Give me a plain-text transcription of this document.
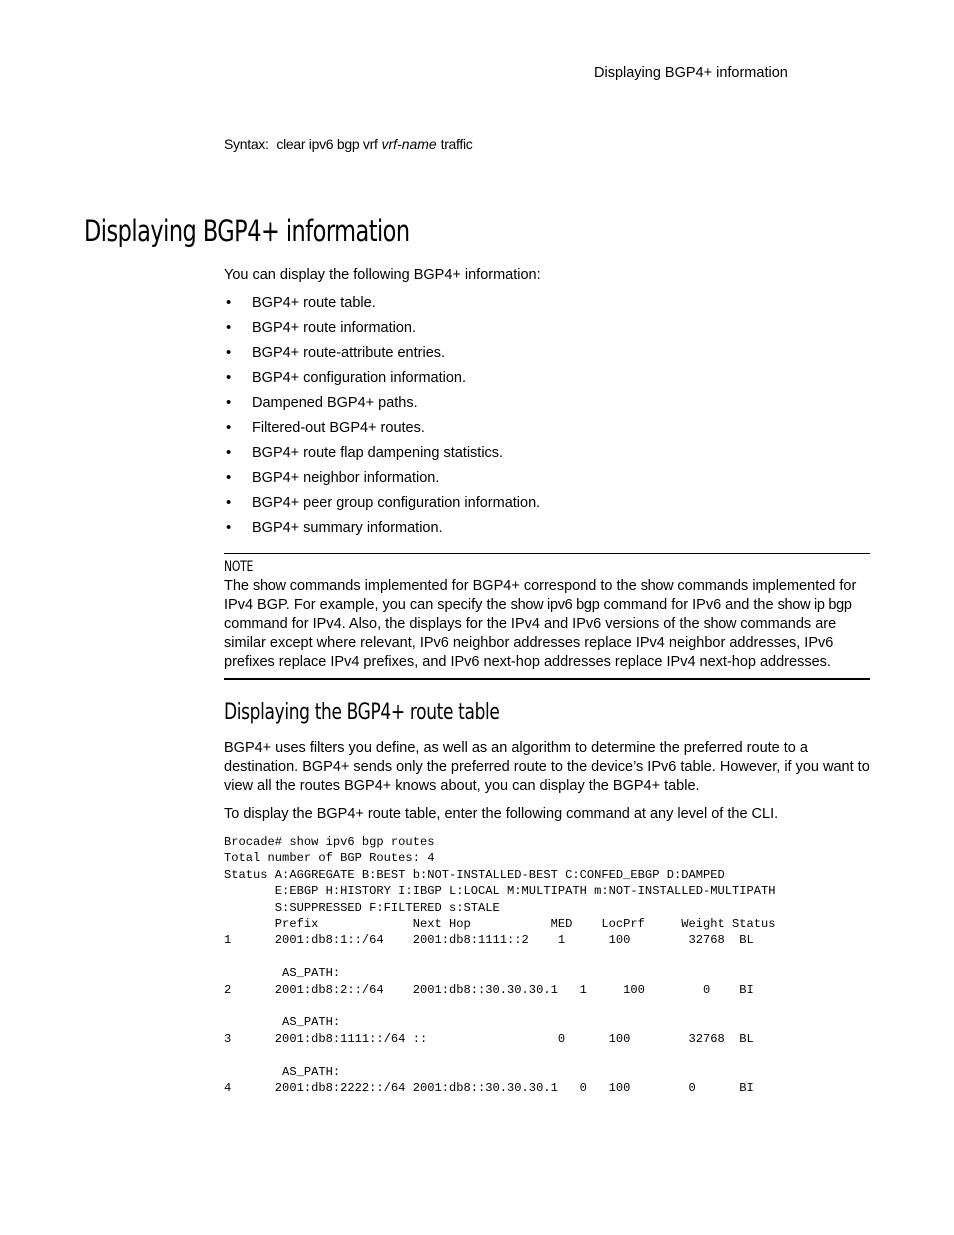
Displaying BGP4+ information
Syntax: clear ipv6 bgp vrf vrf-name traffic
Displaying BGP4+ information
You can display the following BGP4+ information:
• BGP4+ route table.
• BGP4+ route information.
• BGP4+ route-attribute entries.
• BGP4+ configuration information.
• Dampened BGP4+ paths.
• Filtered-out BGP4+ routes.
• BGP4+ route flap dampening statistics.
• BGP4+ neighbor information.
• BGP4+ peer group configuration information.
• BGP4+ summary information.
NOTE
The show commands implemented for BGP4+ correspond to the show commands implemented for IPv4 BGP. For example, you can specify the show ipv6 bgp command for IPv6 and the show ip bgp command for IPv4. Also, the displays for the IPv4 and IPv6 versions of the show commands are similar except where relevant, IPv6 neighbor addresses replace IPv4 neighbor addresses, IPv6 prefixes replace IPv4 prefixes, and IPv6 next-hop addresses replace IPv4 next-hop addresses.
Displaying the BGP4+ route table
BGP4+ uses filters you define, as well as an algorithm to determine the preferred route to a destination. BGP4+ sends only the preferred route to the device’s IPv6 table. However, if you want to view all the routes BGP4+ knows about, you can display the BGP4+ table.
To display the BGP4+ route table, enter the following command at any level of the CLI.
Brocade# show ipv6 bgp routes
Total number of BGP Routes: 4
Status A:AGGREGATE B:BEST b:NOT-INSTALLED-BEST C:CONFED_EBGP D:DAMPED
E:EBGP H:HISTORY I:IBGP L:LOCAL M:MULTIPATH m:NOT-INSTALLED-MULTIPATH
S:SUPPRESSED F:FILTERED s:STALE
Prefix             Next Hop           MED    LocPrf     Weight Status
1      2001:db8:1::/64    2001:db8:1111::2    1      100        32768  BL

AS_PATH:
2      2001:db8:2::/64    2001:db8::30.30.30.1   1     100        0    BI

AS_PATH:
3      2001:db8:1111::/64 ::                  0      100        32768  BL

AS_PATH:
4      2001:db8:2222::/64 2001:db8::30.30.30.1   0   100        0      BI
